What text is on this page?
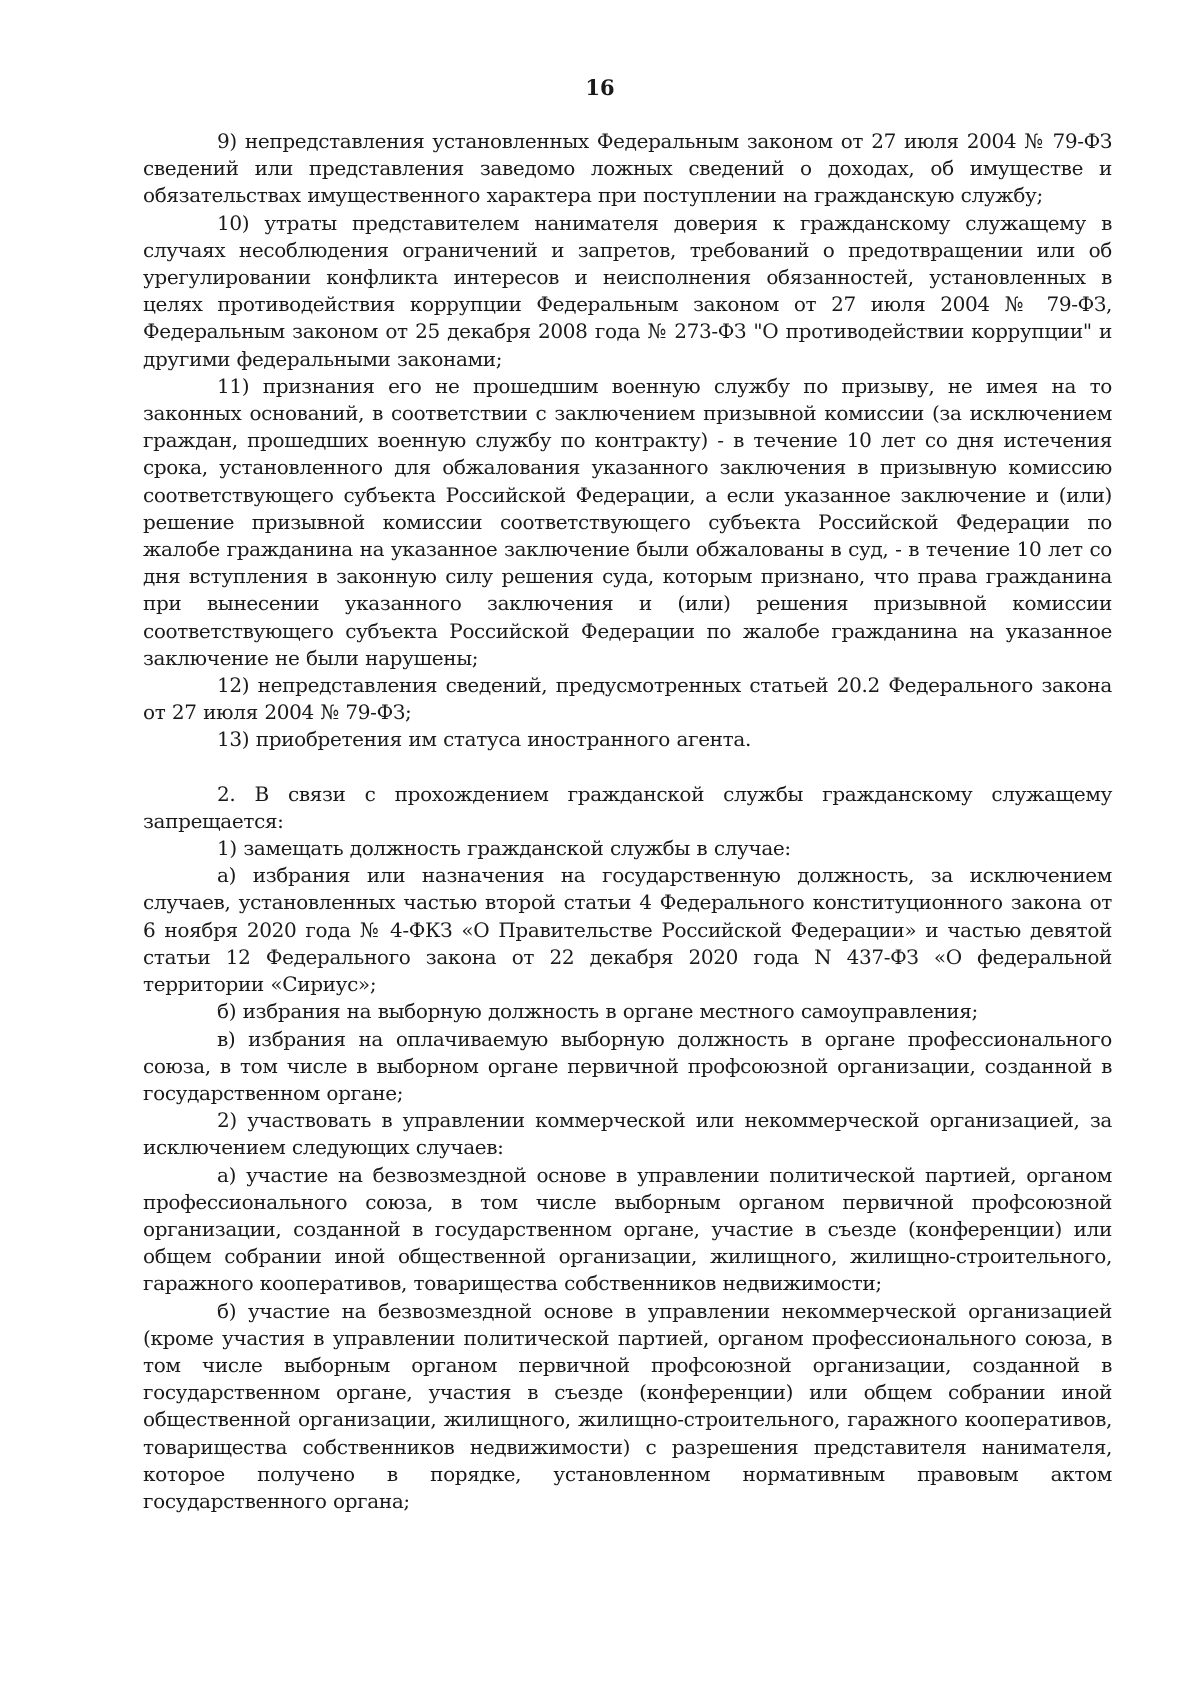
16

9) непредставления установленных Федеральным законом от 27 июля 2004 № 79-ФЗ сведений или представления заведомо ложных сведений о доходах, об имуществе и обязательствах имущественного характера при поступлении на гражданскую службу;

10) утраты представителем нанимателя доверия к гражданскому служащему в случаях несоблюдения ограничений и запретов, требований о предотвращении или об урегулировании конфликта интересов и неисполнения обязанностей, установленных в целях противодействия коррупции Федеральным законом от 27 июля 2004 № 79-ФЗ, Федеральным законом от 25 декабря 2008 года № 273-ФЗ "О противодействии коррупции" и другими федеральными законами;

11) признания его не прошедшим военную службу по призыву, не имея на то законных оснований, в соответствии с заключением призывной комиссии (за исключением граждан, прошедших военную службу по контракту) - в течение 10 лет со дня истечения срока, установленного для обжалования указанного заключения в призывную комиссию соответствующего субъекта Российской Федерации, а если указанное заключение и (или) решение призывной комиссии соответствующего субъекта Российской Федерации по жалобе гражданина на указанное заключение были обжалованы в суд, - в течение 10 лет со дня вступления в законную силу решения суда, которым признано, что права гражданина при вынесении указанного заключения и (или) решения призывной комиссии соответствующего субъекта Российской Федерации по жалобе гражданина на указанное заключение не были нарушены;

12) непредставления сведений, предусмотренных статьей 20.2 Федерального закона от 27 июля 2004 № 79-ФЗ;

13) приобретения им статуса иностранного агента.

2. В связи с прохождением гражданской службы гражданскому служащему запрещается:

1) замещать должность гражданской службы в случае:

а) избрания или назначения на государственную должность, за исключением случаев, установленных частью второй статьи 4 Федерального конституционного закона от 6 ноября 2020 года № 4-ФКЗ «О Правительстве Российской Федерации» и частью девятой статьи 12 Федерального закона от 22 декабря 2020 года N 437-ФЗ «О федеральной территории «Сириус»;

б) избрания на выборную должность в органе местного самоуправления;

в) избрания на оплачиваемую выборную должность в органе профессионального союза, в том числе в выборном органе первичной профсоюзной организации, созданной в государственном органе;

2) участвовать в управлении коммерческой или некоммерческой организацией, за исключением следующих случаев:

а) участие на безвозмездной основе в управлении политической партией, органом профессионального союза, в том числе выборным органом первичной профсоюзной организации, созданной в государственном органе, участие в съезде (конференции) или общем собрании иной общественной организации, жилищного, жилищно-строительного, гаражного кооперативов, товарищества собственников недвижимости;

б) участие на безвозмездной основе в управлении некоммерческой организацией (кроме участия в управлении политической партией, органом профессионального союза, в том числе выборным органом первичной профсоюзной организации, созданной в государственном органе, участия в съезде (конференции) или общем собрании иной общественной организации, жилищного, жилищно-строительного, гаражного кооперативов, товарищества собственников недвижимости) с разрешения представителя нанимателя, которое получено в порядке, установленном нормативным правовым актом государственного органа;
